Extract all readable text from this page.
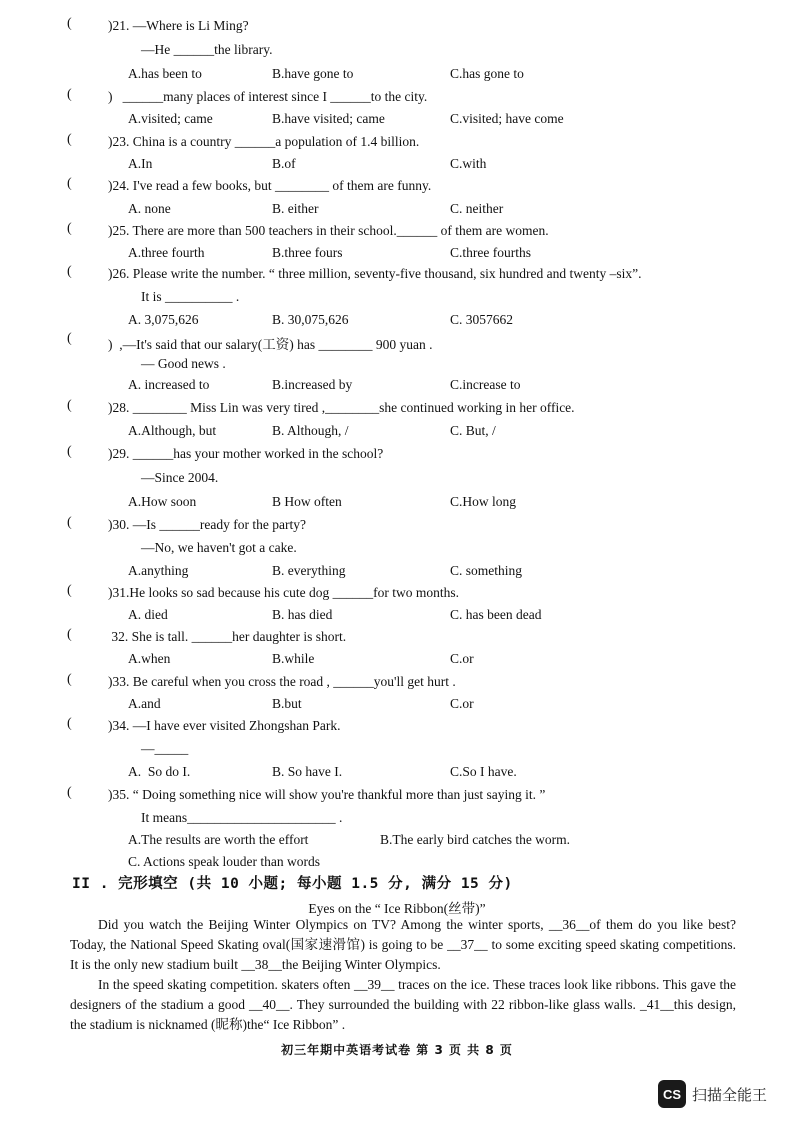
(	)21. —Where is Li Ming?
—He ______the library.
A.has been to	B.have gone to	C.has gone to
(	)   ______many places of interest since I ______to the city.
A.visited; came	B.have visited; came	C.visited; have come
(	)23. China is a country ______a population of 1.4 billion.
A.In	B.of	C.with
(	)24. I've read a few books, but ________ of them are funny.
A. none	B. either	C. neither
(	)25. There are more than 500 teachers in their school.______ of them are women.
A.three fourth	B.three fours	C.three fourths
(	)26. Please write the number. “ three million, seventy-five thousand, six hundred and twenty –six”.
It is __________ .
A. 3,075,626	B. 30,075,626	C. 3057662
(	)  ,—It's said that our salary(工资) has ________ 900 yuan .
— Good news .
A. increased to	B.increased by	C.increase to
(	)28. ________ Miss Lin was very tired ,________she continued working in her office.
A.Although, but	B. Although, /	C. But, /
(	)29. ______has your mother worked in the school?
—Since 2004.
A.How soon	B How often	C.How long
(	)30. —Is ______ready for the party?
—No, we haven't got a cake.
A.anything	B. everything	C. something
(	)31.He looks so sad because his cute dog ______for two months.
A. died	B. has died	C. has been dead
(	32. She is tall. ______her daughter is short.
A.when	B.while	C.or
(	)33. Be careful when you cross the road , ______you'll get hurt .
A.and	B.but	C.or
(	)34. —I have ever visited Zhongshan Park.
—_____
A.  So do I.	B. So have I.	C.So I have.
(	)35. “ Doing something nice will show you're thankful more than just saying it. ”
It means______________________ .
A.The results are worth the effort	B.The early bird catches the worm.
C. Actions speak louder than words
II . 完形填空 (共 10 小题; 每小题 1.5 分, 满分 15 分)
Eyes on the “ Ice Ribbon(丝带)”

Did you watch the Beijing Winter Olympics on TV? Among the winter sports, __36__of them do you like best? Today, the National Speed Skating oval(国家速滑馆) is going to be __37__ to some exciting speed skating competitions. It is the only new stadium built __38__the Beijing Winter Olympics.

In the speed skating competition. skaters often __39__ traces on the ice. These traces look like ribbons. This gave the designers of the stadium a good __40__. They surrounded the building with 22 ribbon-like glass walls. _41__this design, the stadium is nicknamed (昵称)the“ Ice Ribbon” .

初三年期中英语考试卷 第 3 页 共 8 页
CS 扫描全能王
